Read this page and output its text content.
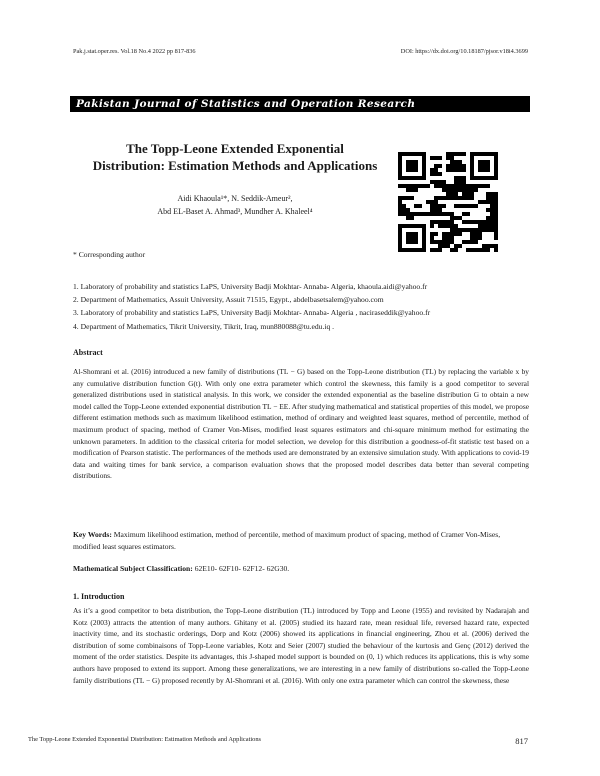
Pak.j.stat.oper.res. Vol.18 No.4 2022 pp 817-836	DOI: https://dx.doi.org/10.18187/pjsor.v18i4.3699
Pakistan Journal of Statistics and Operation Research
The Topp-Leone Extended Exponential
Distribution: Estimation Methods and Applications
Aidi Khaoula¹*, N. Seddik-Ameur²,
Abd EL-Baset A. Ahmad³, Mundher A. Khaleel⁴
* Corresponding author
1. Laboratory of probability and statistics LaPS, University Badji Mokhtar- Annaba- Algeria, khaoula.aidi@yahoo.fr
2. Department of Mathematics, Assuit University, Assuit 71515, Egypt., abdelbasetsalem@yahoo.com
3. Laboratory of probability and statistics LaPS, University Badji Mokhtar- Annaba- Algeria , naciraseddik@yahoo.fr
4. Department of Mathematics, Tikrit University, Tikrit, Iraq, mun880088@tu.edu.iq .
Abstract

Al-Shomrani et al. (2016) introduced a new family of distributions (TL − G) based on the Topp-Leone distribution (TL) by replacing the variable x by any cumulative distribution function G(t). With only one extra parameter which control the skewness, this family is a good competitor to several generalized distributions used in statistical analysis. In this work, we consider the extended exponential as the baseline distribution G to obtain a new model called the Topp-Leone extended exponential distribution TL − EE. After studying mathematical and statistical properties of this model, we propose different estimation methods such as maximum likelihood estimation, method of ordinary and weighted least squares, method of percentile, method of maximum product of spacing, method of Cramer Von-Mises, modified least squares estimators and chi-square minimum method for estimating the unknown parameters. In addition to the classical criteria for model selection, we develop for this distribution a goodness-of-fit statistic test based on a modification of Pearson statistic. The performances of the methods used are demonstrated by an extensive simulation study. With applications to covid-19 data and waiting times for bank service, a comparison evaluation shows that the proposed model describes data better than several competing distributions.

Key Words: Maximum likelihood estimation, method of percentile, method of maximum product of spacing, method of Cramer Von-Mises, modified least squares estimators.
Mathematical Subject Classification: 62E10- 62F10- 62F12- 62G30.
1. Introduction

As it’s a good competitor to beta distribution, the Topp-Leone distribution (TL) introduced by Topp and Leone (1955) and revisited by Nadarajah and Kotz (2003) attracts the attention of many authors. Ghitany et al. (2005) studied its hazard rate, mean residual life, reversed hazard rate, expected inactivity time, and its stochastic orderings, Dorp and Kotz (2006) showed its applications in financial engineering, Zhou et al. (2006) derived the distribution of some combinaisons of Topp-Leone variables, Kotz and Seier (2007) studied the behaviour of the kurtosis and Genç (2012) derived the moment of the order statistics. Despite its advantages, this J-shaped model support is bounded on (0, 1) which reduces its applications, this is why some authors have proposed to extend its support. Among these generalizations, we are interesting in a new family of distributions so-called the Topp-Leone family distributions (TL − G) proposed recently by Al-Shomrani et al. (2016). With only one extra parameter which can control the skewness, these

The Topp-Leone Extended Exponential Distribution: Estimation Methods and Applications	817
